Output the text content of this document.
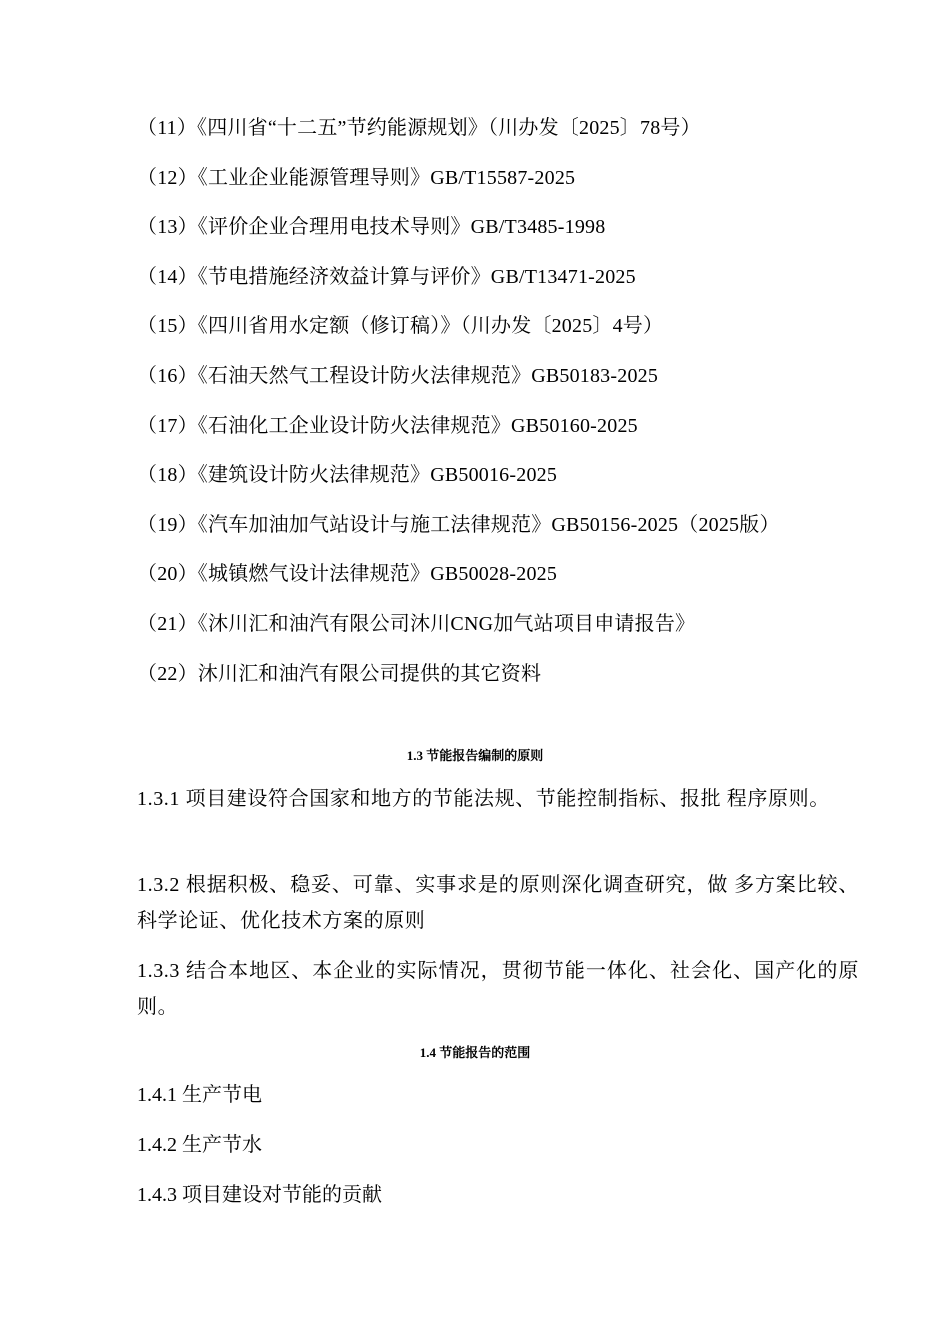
（11）《四川省“十二五”节约能源规划》（川办发〔2025〕78号）
（12）《工业企业能源管理导则》GB/T15587-2025
（13）《评价企业合理用电技术导则》GB/T3485-1998
（14）《节电措施经济效益计算与评价》GB/T13471-2025
（15）《四川省用水定额（修订稿）》（川办发〔2025〕4号）
（16）《石油天然气工程设计防火法律规范》GB50183-2025
（17）《石油化工企业设计防火法律规范》GB50160-2025
（18）《建筑设计防火法律规范》GB50016-2025
（19）《汽车加油加气站设计与施工法律规范》GB50156-2025（2025版）
（20）《城镇燃气设计法律规范》GB50028-2025
（21）《沐川汇和油汽有限公司沐川CNG加气站项目申请报告》
（22）沐川汇和油汽有限公司提供的其它资料
1.3 节能报告编制的原则

1.3.1 项目建设符合国家和地方的节能法规、节能控制指标、报批 程序原则。

1.3.2 根据积极、稳妥、可靠、实事求是的原则深化调查研究，做 多方案比较、科学论证、优化技术方案的原则

1.3.3 结合本地区、本企业的实际情况，贯彻节能一体化、社会化、国产化的原则。

1.4 节能报告的范围

1.4.1 生产节电

1.4.2 生产节水

1.4.3 项目建设对节能的贡献
